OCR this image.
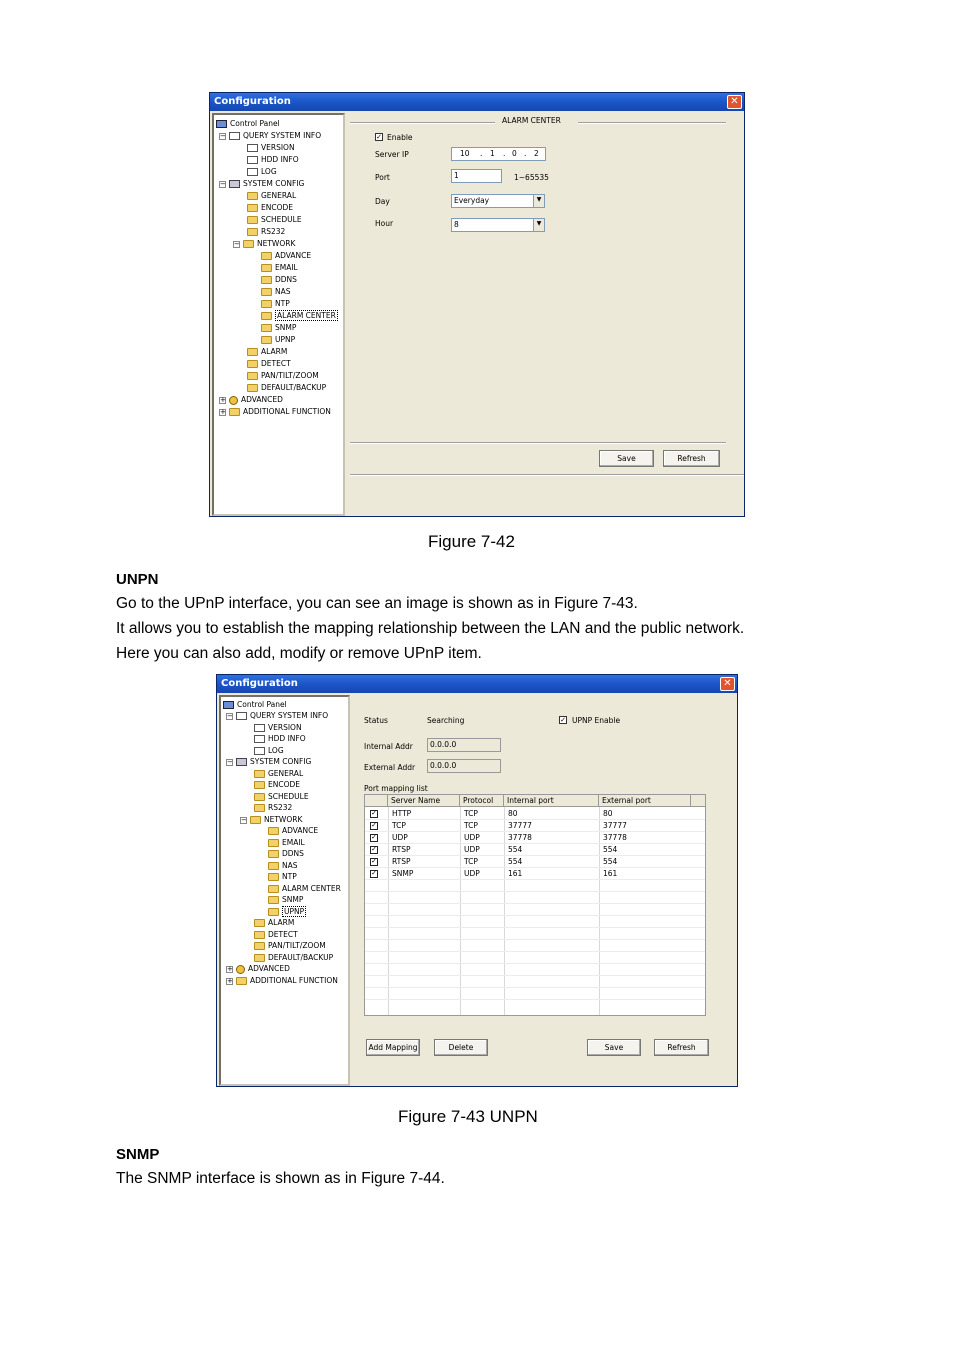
Configuration	✕
Control Panel
− QUERY SYSTEM INFO
VERSION
HDD INFO
LOG
− SYSTEM CONFIG
GENERAL
ENCODE
SCHEDULE
RS232
− NETWORK
ADVANCE
EMAIL
DDNS
NAS
NTP
ALARM CENTER
SNMP
UPNP
ALARM
DETECT
PAN/TILT/ZOOM
DEFAULT/BACKUP
+ ADVANCED
+ ADDITIONAL FUNCTION
ALARM CENTER
✓ Enable
Server IP	10 . 1 . 0 . 2
Port	1	1~65535
Day	Everyday	▼
Hour	8	▼
Save	Refresh
Figure 7-42
UNPN
Go to the UPnP interface, you can see an image is shown as in Figure 7-43.
It allows you to establish the mapping relationship between the LAN and the public network.
Here you can also add, modify or remove UPnP item.
Configuration	✕
Control Panel
− QUERY SYSTEM INFO
VERSION
HDD INFO
LOG
− SYSTEM CONFIG
GENERAL
ENCODE
SCHEDULE
RS232
− NETWORK
ADVANCE
EMAIL
DDNS
NAS
NTP
ALARM CENTER
SNMP
UPNP
ALARM
DETECT
PAN/TILT/ZOOM
DEFAULT/BACKUP
+ ADVANCED
+ ADDITIONAL FUNCTION
Status	Searching	✓ UPNP Enable
Internal Addr	0.0.0.0
External Addr	0.0.0.0
Port mapping list
Server Name	Protocol	Internal port	External port
✓ HTTP	TCP	80	80
✓ TCP	TCP	37777	37777
✓ UDP	UDP	37778	37778
✓ RTSP	UDP	554	554
✓ RTSP	TCP	554	554
✓ SNMP	UDP	161	161
Add Mapping	Delete	Save	Refresh
Figure 7-43 UNPN
SNMP
The SNMP interface is shown as in Figure 7-44.
